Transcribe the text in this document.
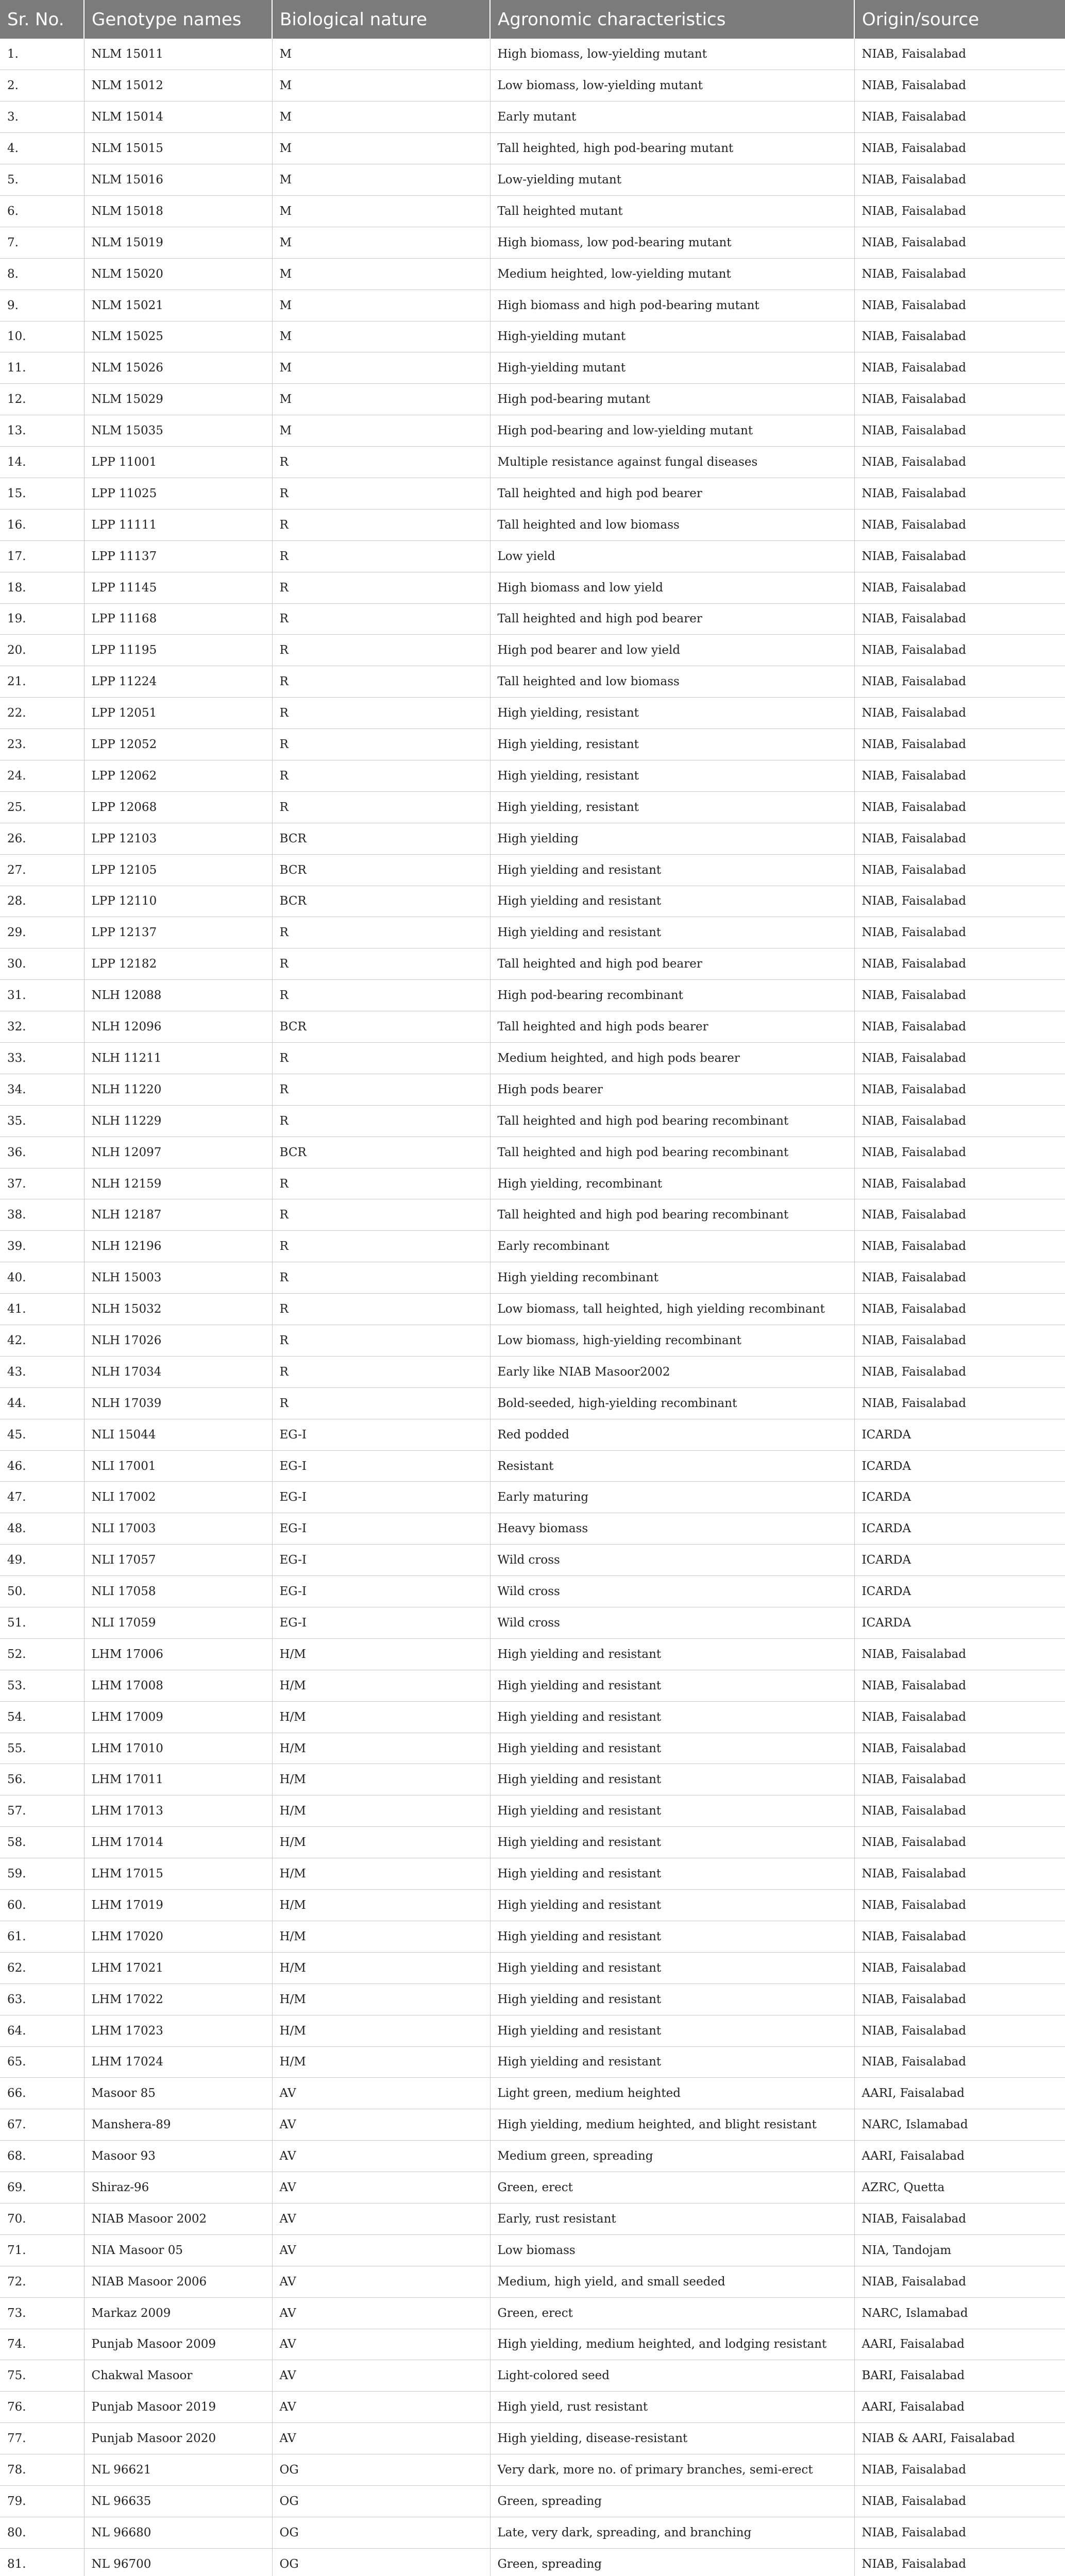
Sr. No.	Genotype names	Biological nature	Agronomic characteristics	Origin/source
1.	NLM 15011	M	High biomass, low-yielding mutant	NIAB, Faisalabad
2.	NLM 15012	M	Low biomass, low-yielding mutant	NIAB, Faisalabad
3.	NLM 15014	M	Early mutant	NIAB, Faisalabad
4.	NLM 15015	M	Tall heighted, high pod-bearing mutant	NIAB, Faisalabad
5.	NLM 15016	M	Low-yielding mutant	NIAB, Faisalabad
6.	NLM 15018	M	Tall heighted mutant	NIAB, Faisalabad
7.	NLM 15019	M	High biomass, low pod-bearing mutant	NIAB, Faisalabad
8.	NLM 15020	M	Medium heighted, low-yielding mutant	NIAB, Faisalabad
9.	NLM 15021	M	High biomass and high pod-bearing mutant	NIAB, Faisalabad
10.	NLM 15025	M	High-yielding mutant	NIAB, Faisalabad
11.	NLM 15026	M	High-yielding mutant	NIAB, Faisalabad
12.	NLM 15029	M	High pod-bearing mutant	NIAB, Faisalabad
13.	NLM 15035	M	High pod-bearing and low-yielding mutant	NIAB, Faisalabad
14.	LPP 11001	R	Multiple resistance against fungal diseases	NIAB, Faisalabad
15.	LPP 11025	R	Tall heighted and high pod bearer	NIAB, Faisalabad
16.	LPP 11111	R	Tall heighted and low biomass	NIAB, Faisalabad
17.	LPP 11137	R	Low yield	NIAB, Faisalabad
18.	LPP 11145	R	High biomass and low yield	NIAB, Faisalabad
19.	LPP 11168	R	Tall heighted and high pod bearer	NIAB, Faisalabad
20.	LPP 11195	R	High pod bearer and low yield	NIAB, Faisalabad
21.	LPP 11224	R	Tall heighted and low biomass	NIAB, Faisalabad
22.	LPP 12051	R	High yielding, resistant	NIAB, Faisalabad
23.	LPP 12052	R	High yielding, resistant	NIAB, Faisalabad
24.	LPP 12062	R	High yielding, resistant	NIAB, Faisalabad
25.	LPP 12068	R	High yielding, resistant	NIAB, Faisalabad
26.	LPP 12103	BCR	High yielding	NIAB, Faisalabad
27.	LPP 12105	BCR	High yielding and resistant	NIAB, Faisalabad
28.	LPP 12110	BCR	High yielding and resistant	NIAB, Faisalabad
29.	LPP 12137	R	High yielding and resistant	NIAB, Faisalabad
30.	LPP 12182	R	Tall heighted and high pod bearer	NIAB, Faisalabad
31.	NLH 12088	R	High pod-bearing recombinant	NIAB, Faisalabad
32.	NLH 12096	BCR	Tall heighted and high pods bearer	NIAB, Faisalabad
33.	NLH 11211	R	Medium heighted, and high pods bearer	NIAB, Faisalabad
34.	NLH 11220	R	High pods bearer	NIAB, Faisalabad
35.	NLH 11229	R	Tall heighted and high pod bearing recombinant	NIAB, Faisalabad
36.	NLH 12097	BCR	Tall heighted and high pod bearing recombinant	NIAB, Faisalabad
37.	NLH 12159	R	High yielding, recombinant	NIAB, Faisalabad
38.	NLH 12187	R	Tall heighted and high pod bearing recombinant	NIAB, Faisalabad
39.	NLH 12196	R	Early recombinant	NIAB, Faisalabad
40.	NLH 15003	R	High yielding recombinant	NIAB, Faisalabad
41.	NLH 15032	R	Low biomass, tall heighted, high yielding recombinant	NIAB, Faisalabad
42.	NLH 17026	R	Low biomass, high-yielding recombinant	NIAB, Faisalabad
43.	NLH 17034	R	Early like NIAB Masoor2002	NIAB, Faisalabad
44.	NLH 17039	R	Bold-seeded, high-yielding recombinant	NIAB, Faisalabad
45.	NLI 15044	EG-I	Red podded	ICARDA
46.	NLI 17001	EG-I	Resistant	ICARDA
47.	NLI 17002	EG-I	Early maturing	ICARDA
48.	NLI 17003	EG-I	Heavy biomass	ICARDA
49.	NLI 17057	EG-I	Wild cross	ICARDA
50.	NLI 17058	EG-I	Wild cross	ICARDA
51.	NLI 17059	EG-I	Wild cross	ICARDA
52.	LHM 17006	H/M	High yielding and resistant	NIAB, Faisalabad
53.	LHM 17008	H/M	High yielding and resistant	NIAB, Faisalabad
54.	LHM 17009	H/M	High yielding and resistant	NIAB, Faisalabad
55.	LHM 17010	H/M	High yielding and resistant	NIAB, Faisalabad
56.	LHM 17011	H/M	High yielding and resistant	NIAB, Faisalabad
57.	LHM 17013	H/M	High yielding and resistant	NIAB, Faisalabad
58.	LHM 17014	H/M	High yielding and resistant	NIAB, Faisalabad
59.	LHM 17015	H/M	High yielding and resistant	NIAB, Faisalabad
60.	LHM 17019	H/M	High yielding and resistant	NIAB, Faisalabad
61.	LHM 17020	H/M	High yielding and resistant	NIAB, Faisalabad
62.	LHM 17021	H/M	High yielding and resistant	NIAB, Faisalabad
63.	LHM 17022	H/M	High yielding and resistant	NIAB, Faisalabad
64.	LHM 17023	H/M	High yielding and resistant	NIAB, Faisalabad
65.	LHM 17024	H/M	High yielding and resistant	NIAB, Faisalabad
66.	Masoor 85	AV	Light green, medium heighted	AARI, Faisalabad
67.	Manshera-89	AV	High yielding, medium heighted, and blight resistant	NARC, Islamabad
68.	Masoor 93	AV	Medium green, spreading	AARI, Faisalabad
69.	Shiraz-96	AV	Green, erect	AZRC, Quetta
70.	NIAB Masoor 2002	AV	Early, rust resistant	NIAB, Faisalabad
71.	NIA Masoor 05	AV	Low biomass	NIA, Tandojam
72.	NIAB Masoor 2006	AV	Medium, high yield, and small seeded	NIAB, Faisalabad
73.	Markaz 2009	AV	Green, erect	NARC, Islamabad
74.	Punjab Masoor 2009	AV	High yielding, medium heighted, and lodging resistant	AARI, Faisalabad
75.	Chakwal Masoor	AV	Light-colored seed	BARI, Faisalabad
76.	Punjab Masoor 2019	AV	High yield, rust resistant	AARI, Faisalabad
77.	Punjab Masoor 2020	AV	High yielding, disease-resistant	NIAB & AARI, Faisalabad
78.	NL 96621	OG	Very dark, more no. of primary branches, semi-erect	NIAB, Faisalabad
79.	NL 96635	OG	Green, spreading	NIAB, Faisalabad
80.	NL 96680	OG	Late, very dark, spreading, and branching	NIAB, Faisalabad
81.	NL 96700	OG	Green, spreading	NIAB, Faisalabad
